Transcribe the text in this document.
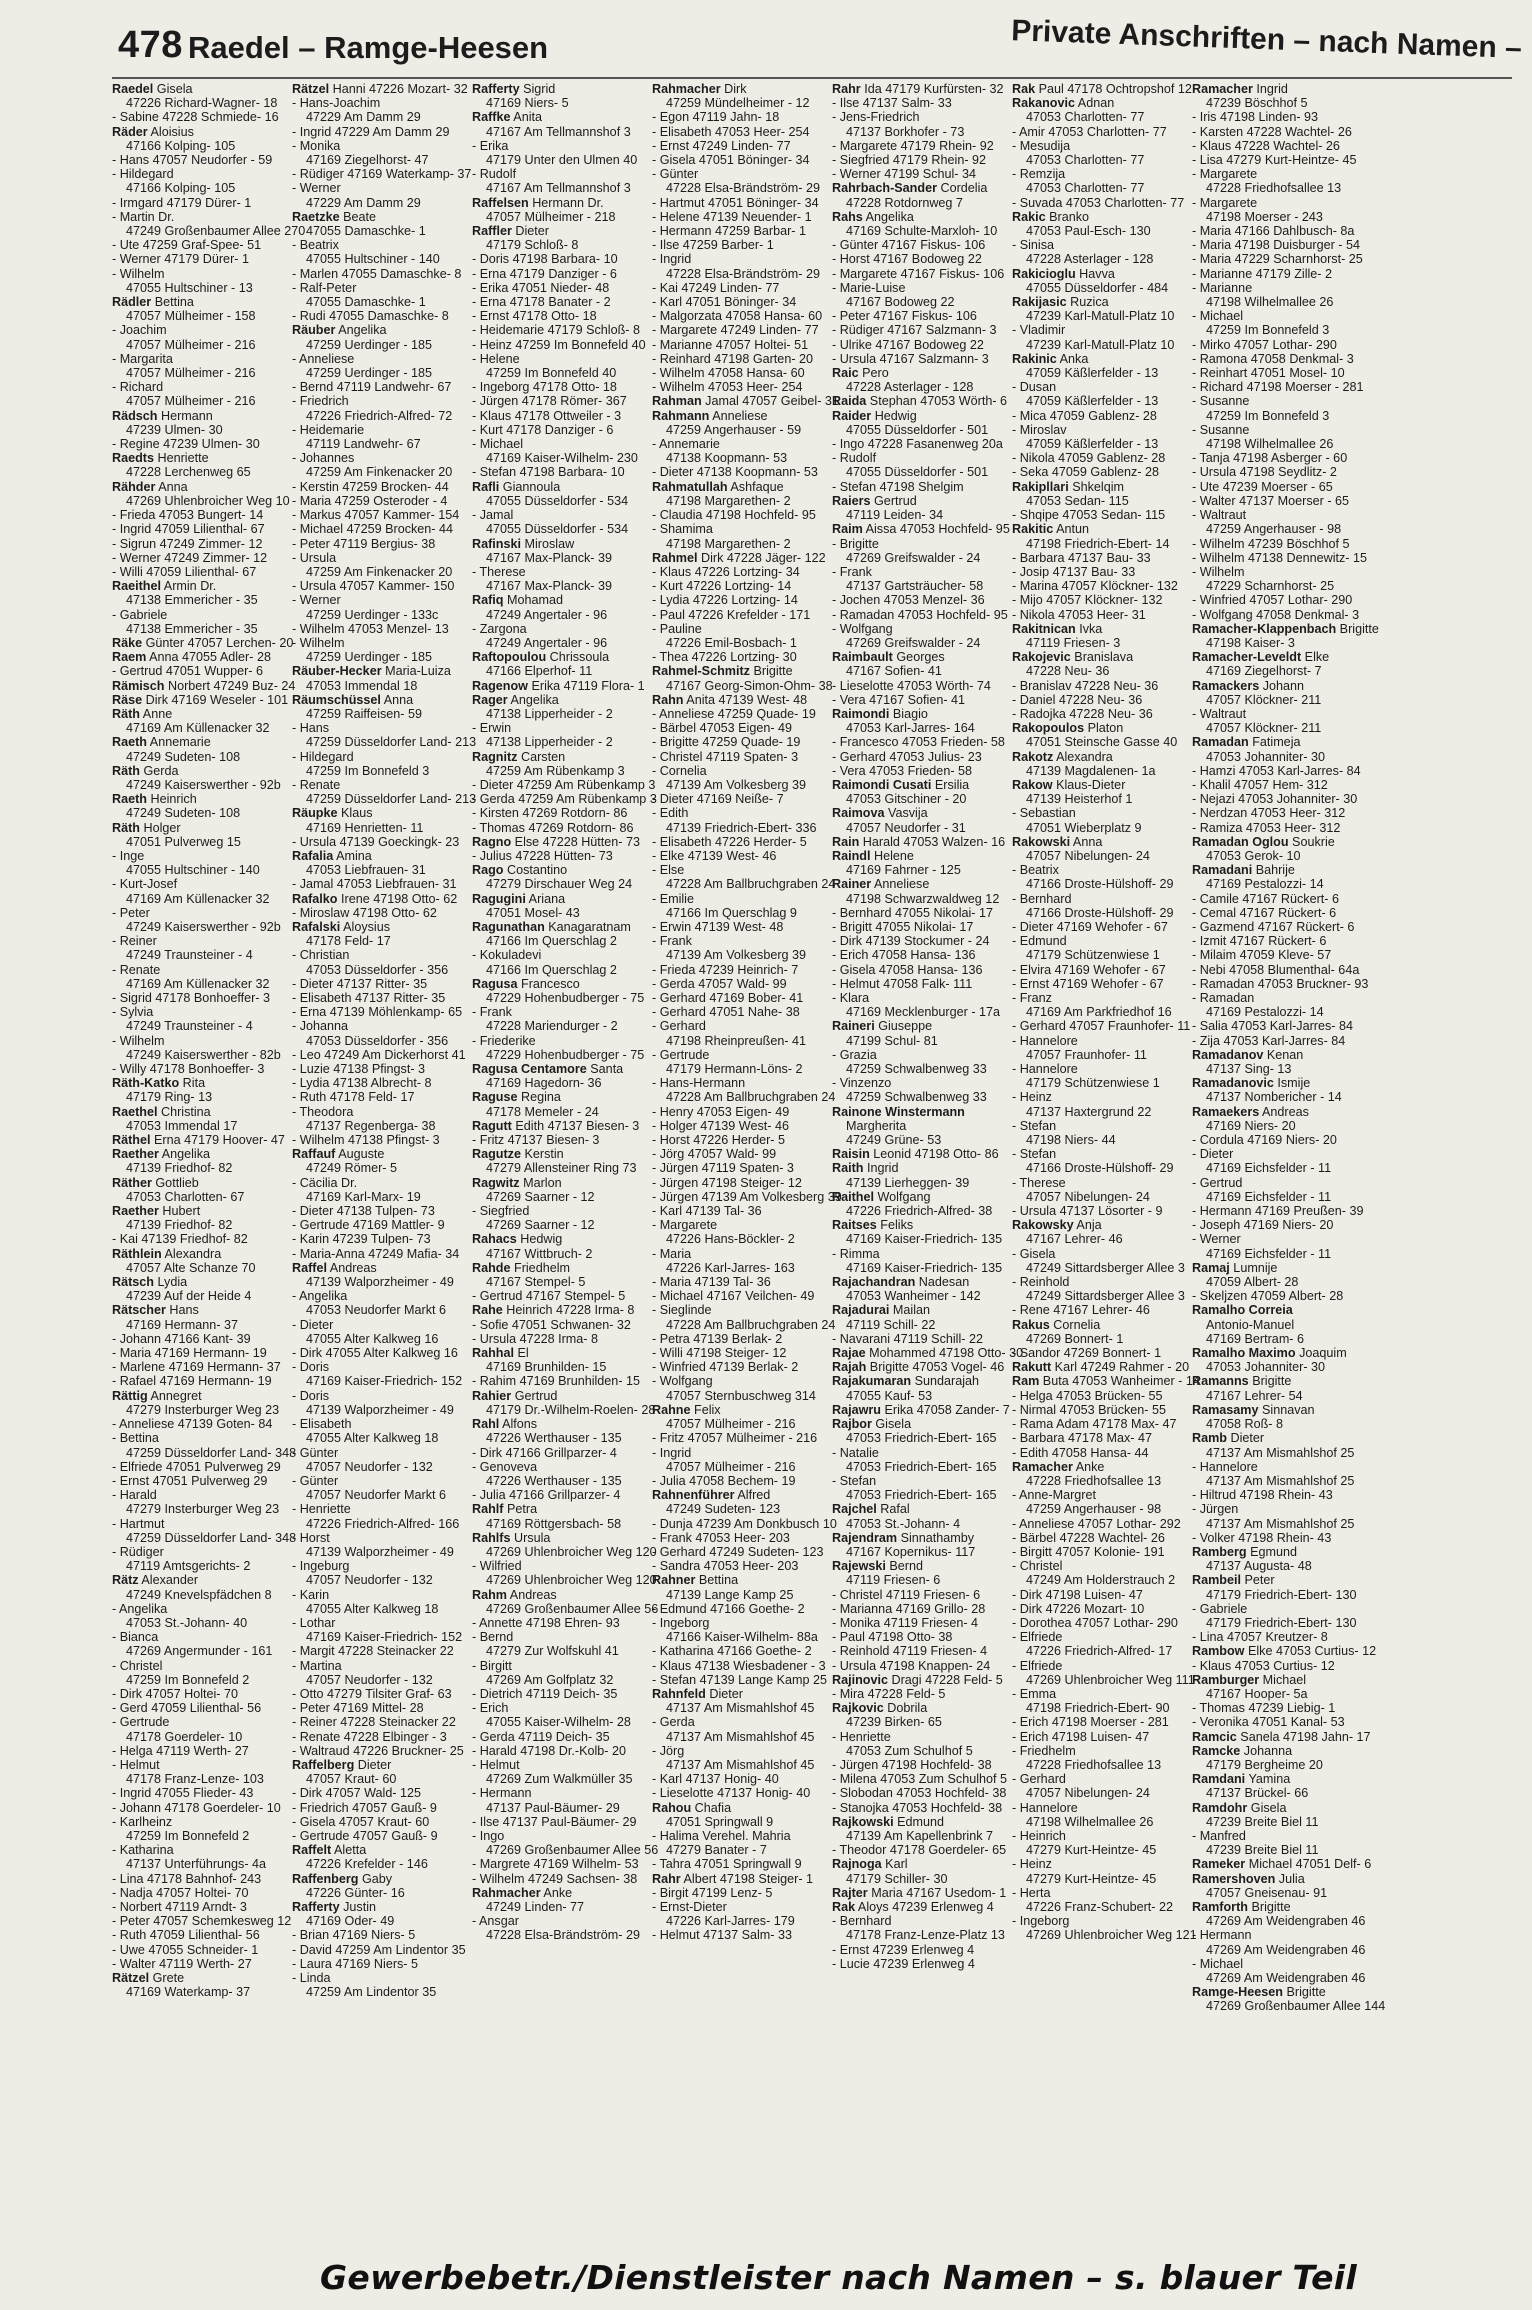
478 Raedel – Ramge-Heesen	Private Anschriften – nach Namen –
Raedel Gisela
47226 Richard-Wagner- 18
- Sabine 47228 Schmiede- 16
Räder Aloisius
47166 Kolping- 105
- Hans 47057 Neudorfer - 59
- Hildegard
47166 Kolping- 105
- Irmgard 47179 Dürer- 1
- Martin Dr.
47249 Großenbaumer Allee 270
- Ute 47259 Graf-Spee- 51
- Werner 47179 Dürer- 1
- Wilhelm
47055 Hultschiner - 13
Rädler Bettina
47057 Mülheimer - 158
- Joachim
47057 Mülheimer - 216
- Margarita
47057 Mülheimer - 216
- Richard
47057 Mülheimer - 216
Rädsch Hermann
47239 Ulmen- 30
- Regine 47239 Ulmen- 30
Raedts Henriette
47228 Lerchenweg 65
Rähder Anna
47269 Uhlenbroicher Weg 10
- Frieda 47053 Bungert- 14
- Ingrid 47059 Lilienthal- 67
- Sigrun 47249 Zimmer- 12
- Werner 47249 Zimmer- 12
- Willi 47059 Lilienthal- 67
Raeithel Armin Dr.
47138 Emmericher - 35
- Gabriele
47138 Emmericher - 35
Räke Günter 47057 Lerchen- 20
Raem Anna 47055 Adler- 28
- Gertrud 47051 Wupper- 6
Rämisch Norbert 47249 Buz- 24
Räse Dirk 47169 Weseler - 101
Räth Anne
47169 Am Küllenacker 32
Raeth Annemarie
47249 Sudeten- 108
Räth Gerda
47249 Kaiserswerther - 92b
Raeth Heinrich
47249 Sudeten- 108
Räth Holger
47051 Pulverweg 15
- Inge
47055 Hultschiner - 140
- Kurt-Josef
47169 Am Küllenacker 32
- Peter
47249 Kaiserswerther - 92b
- Reiner
47249 Traunsteiner - 4
- Renate
47169 Am Küllenacker 32
- Sigrid 47178 Bonhoeffer- 3
- Sylvia
47249 Traunsteiner - 4
- Wilhelm
47249 Kaiserswerther - 82b
- Willy 47178 Bonhoeffer- 3
Räth-Katko Rita
47179 Ring- 13
Raethel Christina
47053 Immendal 17
Räthel Erna 47179 Hoover- 47
Raether Angelika
47139 Friedhof- 82
Räther Gottlieb
47053 Charlotten- 67
Raether Hubert
47139 Friedhof- 82
- Kai 47139 Friedhof- 82
Räthlein Alexandra
47057 Alte Schanze 70
Rätsch Lydia
47239 Auf der Heide 4
Rätscher Hans
47169 Hermann- 37
- Johann 47166 Kant- 39
- Maria 47169 Hermann- 19
- Marlene 47169 Hermann- 37
- Rafael 47169 Hermann- 19
Rättig Annegret
47279 Insterburger Weg 23
- Anneliese 47139 Goten- 84
- Bettina
47259 Düsseldorfer Land- 348
- Elfriede 47051 Pulverweg 29
- Ernst 47051 Pulverweg 29
- Harald
47279 Insterburger Weg 23
- Hartmut
47259 Düsseldorfer Land- 348
- Rüdiger
47119 Amtsgerichts- 2
Rätz Alexander
47249 Knevelspfädchen 8
- Angelika
47053 St.-Johann- 40
- Bianca
47269 Angermunder - 161
- Christel
47259 Im Bonnefeld 2
- Dirk 47057 Holtei- 70
- Gerd 47059 Lilienthal- 56
- Gertrude
47178 Goerdeler- 10
- Helga 47119 Werth- 27
- Helmut
47178 Franz-Lenze- 103
- Ingrid 47055 Flieder- 43
- Johann 47178 Goerdeler- 10
- Karlheinz
47259 Im Bonnefeld 2
- Katharina
47137 Unterführungs- 4a
- Lina 47178 Bahnhof- 243
- Nadja 47057 Holtei- 70
- Norbert 47119 Arndt- 3
- Peter 47057 Schemkesweg 12
- Ruth 47059 Lilienthal- 56
- Uwe 47055 Schneider- 1
- Walter 47119 Werth- 27
Rätzel Grete
47169 Waterkamp- 37
Rätzel Hanni 47226 Mozart- 32
- Hans-Joachim
47229 Am Damm 29
- Ingrid 47229 Am Damm 29
- Monika
47169 Ziegelhorst- 47
- Rüdiger 47169 Waterkamp- 37
- Werner
47229 Am Damm 29
Raetzke Beate
47055 Damaschke- 1
- Beatrix
47055 Hultschiner - 140
- Marlen 47055 Damaschke- 8
- Ralf-Peter
47055 Damaschke- 1
- Rudi 47055 Damaschke- 8
Räuber Angelika
47259 Uerdinger - 185
- Anneliese
47259 Uerdinger - 185
- Bernd 47119 Landwehr- 67
- Friedrich
47226 Friedrich-Alfred- 72
- Heidemarie
47119 Landwehr- 67
- Johannes
47259 Am Finkenacker 20
- Kerstin 47259 Brocken- 44
- Maria 47259 Osteroder - 4
- Markus 47057 Kammer- 154
- Michael 47259 Brocken- 44
- Peter 47119 Bergius- 38
- Ursula
47259 Am Finkenacker 20
- Ursula 47057 Kammer- 150
- Werner
47259 Uerdinger - 133c
- Wilhelm 47053 Menzel- 13
- Wilhelm
47259 Uerdinger - 185
Räuber-Hecker Maria-Luiza
47053 Immendal 18
Räumschüssel Anna
47259 Raiffeisen- 59
- Hans
47259 Düsseldorfer Land- 213
- Hildegard
47259 Im Bonnefeld 3
- Renate
47259 Düsseldorfer Land- 213
Räupke Klaus
47169 Henrietten- 11
- Ursula 47139 Goeckingk- 23
Rafalia Amina
47053 Liebfrauen- 31
- Jamal 47053 Liebfrauen- 31
Rafalko Irene 47198 Otto- 62
- Miroslaw 47198 Otto- 62
Rafalski Aloysius
47178 Feld- 17
- Christian
47053 Düsseldorfer - 356
- Dieter 47137 Ritter- 35
- Elisabeth 47137 Ritter- 35
- Erna 47139 Möhlenkamp- 65
- Johanna
47053 Düsseldorfer - 356
- Leo 47249 Am Dickerhorst 41
- Luzie 47138 Pfingst- 3
- Lydia 47138 Albrecht- 8
- Ruth 47178 Feld- 17
- Theodora
47137 Regenberga- 38
- Wilhelm 47138 Pfingst- 3
Raffauf Auguste
47249 Römer- 5
- Cäcilia Dr.
47169 Karl-Marx- 19
- Dieter 47138 Tulpen- 73
- Gertrude 47169 Mattler- 9
- Karin 47239 Tulpen- 73
- Maria-Anna 47249 Mafia- 34
Raffel Andreas
47139 Walporzheimer - 49
- Angelika
47053 Neudorfer Markt 6
- Dieter
47055 Alter Kalkweg 16
- Dirk 47055 Alter Kalkweg 16
- Doris
47169 Kaiser-Friedrich- 152
- Doris
47139 Walporzheimer - 49
- Elisabeth
47055 Alter Kalkweg 18
- Günter
47057 Neudorfer - 132
- Günter
47057 Neudorfer Markt 6
- Henriette
47226 Friedrich-Alfred- 166
- Horst
47139 Walporzheimer - 49
- Ingeburg
47057 Neudorfer - 132
- Karin
47055 Alter Kalkweg 18
- Lothar
47169 Kaiser-Friedrich- 152
- Margit 47228 Steinacker 22
- Martina
47057 Neudorfer - 132
- Otto 47279 Tilsiter Graf- 63
- Peter 47169 Mittel- 28
- Reiner 47228 Steinacker 22
- Renate 47228 Elbinger - 3
- Waltraud 47226 Bruckner- 25
Raffelberg Dieter
47057 Kraut- 60
- Dirk 47057 Wald- 125
- Friedrich 47057 Gauß- 9
- Gisela 47057 Kraut- 60
- Gertrude 47057 Gauß- 9
Raffelt Aletta
47226 Krefelder - 146
Raffenberg Gaby
47226 Günter- 16
Rafferty Justin
47169 Oder- 49
- Brian 47169 Niers- 5
- David 47259 Am Lindentor 35
- Laura 47169 Niers- 5
- Linda
47259 Am Lindentor 35
Rafferty Sigrid
47169 Niers- 5
Raffke Anita
47167 Am Tellmannshof 3
- Erika
47179 Unter den Ulmen 40
- Rudolf
47167 Am Tellmannshof 3
Raffelsen Hermann Dr.
47057 Mülheimer - 218
Raffler Dieter
47179 Schloß- 8
- Doris 47198 Barbara- 10
- Erna 47179 Danziger - 6
- Erika 47051 Nieder- 48
- Erna 47178 Banater - 2
- Ernst 47178 Otto- 18
- Heidemarie 47179 Schloß- 8
- Heinz 47259 Im Bonnefeld 40
- Helene
47259 Im Bonnefeld 40
- Ingeborg 47178 Otto- 18
- Jürgen 47178 Römer- 367
- Klaus 47178 Ottweiler - 3
- Kurt 47178 Danziger - 6
- Michael
47169 Kaiser-Wilhelm- 230
- Stefan 47198 Barbara- 10
Rafli Giannoula
47055 Düsseldorfer - 534
- Jamal
47055 Düsseldorfer - 534
Rafinski Miroslaw
47167 Max-Planck- 39
- Therese
47167 Max-Planck- 39
Rafiq Mohamad
47249 Angertaler - 96
- Zargona
47249 Angertaler - 96
Raftopoulou Chrissoula
47166 Elperhof- 11
Ragenow Erika 47119 Flora- 1
Rager Angelika
47138 Lipperheider - 2
- Erwin
47138 Lipperheider - 2
Ragnitz Carsten
47259 Am Rübenkamp 3
- Dieter 47259 Am Rübenkamp 3
- Gerda 47259 Am Rübenkamp 3
- Kirsten 47269 Rotdorn- 86
- Thomas 47269 Rotdorn- 86
Ragno Else 47228 Hütten- 73
- Julius 47228 Hütten- 73
Rago Costantino
47279 Dirschauer Weg 24
Ragugini Ariana
47051 Mosel- 43
Ragunathan Kanagaratnam
47166 Im Querschlag 2
- Kokuladevi
47166 Im Querschlag 2
Ragusa Francesco
47229 Hohenbudberger - 75
- Frank
47228 Mariendurger - 2
- Friederike
47229 Hohenbudberger - 75
Ragusa Centamore Santa
47169 Hagedorn- 36
Raguse Regina
47178 Memeler - 24
Ragutt Edith 47137 Biesen- 3
- Fritz 47137 Biesen- 3
Ragutze Kerstin
47279 Allensteiner Ring 73
Ragwitz Marlon
47269 Saarner - 12
- Siegfried
47269 Saarner - 12
Rahacs Hedwig
47167 Wittbruch- 2
Rahde Friedhelm
47167 Stempel- 5
- Gertrud 47167 Stempel- 5
Rahe Heinrich 47228 Irma- 8
- Sofie 47051 Schwanen- 32
- Ursula 47228 Irma- 8
Rahhal El
47169 Brunhilden- 15
- Rahim 47169 Brunhilden- 15
Rahier Gertrud
47179 Dr.-Wilhelm-Roelen- 28
Rahl Alfons
47226 Werthauser - 135
- Dirk 47166 Grillparzer- 4
- Genoveva
47226 Werthauser - 135
- Julia 47166 Grillparzer- 4
Rahlf Petra
47169 Röttgersbach- 58
Rahlfs Ursula
47269 Uhlenbroicher Weg 120
- Wilfried
47269 Uhlenbroicher Weg 120
Rahm Andreas
47269 Großenbaumer Allee 56
- Annette 47198 Ehren- 93
- Bernd
47279 Zur Wolfskuhl 41
- Birgitt
47269 Am Golfplatz 32
- Dietrich 47119 Deich- 35
- Erich
47055 Kaiser-Wilhelm- 28
- Gerda 47119 Deich- 35
- Harald 47198 Dr.-Kolb- 20
- Helmut
47269 Zum Walkmüller 35
- Hermann
47137 Paul-Bäumer- 29
- Ilse 47137 Paul-Bäumer- 29
- Ingo
47269 Großenbaumer Allee 56
- Margrete 47169 Wilhelm- 53
- Wilhelm 47249 Sachsen- 38
Rahmacher Anke
47249 Linden- 77
- Ansgar
47228 Elsa-Brändström- 29
Rahmacher Dirk
47259 Mündelheimer - 12
- Egon 47119 Jahn- 18
- Elisabeth 47053 Heer- 254
- Ernst 47249 Linden- 77
- Gisela 47051 Böninger- 34
- Günter
47228 Elsa-Brändström- 29
- Hartmut 47051 Böninger- 34
- Helene 47139 Neuender- 1
- Hermann 47259 Barbar- 1
- Ilse 47259 Barber- 1
- Ingrid
47228 Elsa-Brändström- 29
- Kai 47249 Linden- 77
- Karl 47051 Böninger- 34
- Malgorzata 47058 Hansa- 60
- Margarete 47249 Linden- 77
- Marianne 47057 Holtei- 51
- Reinhard 47198 Garten- 20
- Wilhelm 47058 Hansa- 60
- Wilhelm 47053 Heer- 254
Rahman Jamal 47057 Geibel- 31
Rahmann Anneliese
47259 Angerhauser - 59
- Annemarie
47138 Koopmann- 53
- Dieter 47138 Koopmann- 53
Rahmatullah Ashfaque
47198 Margarethen- 2
- Claudia 47198 Hochfeld- 95
- Shamima
47198 Margarethen- 2
Rahmel Dirk 47228 Jäger- 122
- Klaus 47226 Lortzing- 34
- Kurt 47226 Lortzing- 14
- Lydia 47226 Lortzing- 14
- Paul 47226 Krefelder - 171
- Pauline
47226 Emil-Bosbach- 1
- Thea 47226 Lortzing- 30
Rahmel-Schmitz Brigitte
47167 Georg-Simon-Ohm- 38
Rahn Anita 47139 West- 48
- Anneliese 47259 Quade- 19
- Bärbel 47053 Eigen- 49
- Brigitte 47259 Quade- 19
- Christel 47119 Spaten- 3
- Cornelia
47139 Am Volkesberg 39
- Dieter 47169 Neiße- 7
- Edith
47139 Friedrich-Ebert- 336
- Elisabeth 47226 Herder- 5
- Elke 47139 West- 46
- Else
47228 Am Ballbruchgraben 24
- Emilie
47166 Im Querschlag 9
- Erwin 47139 West- 48
- Frank
47139 Am Volkesberg 39
- Frieda 47239 Heinrich- 7
- Gerda 47057 Wald- 99
- Gerhard 47169 Bober- 41
- Gerhard 47051 Nahe- 38
- Gerhard
47198 Rheinpreußen- 41
- Gertrude
47179 Hermann-Löns- 2
- Hans-Hermann
47228 Am Ballbruchgraben 24
- Henry 47053 Eigen- 49
- Holger 47139 West- 46
- Horst 47226 Herder- 5
- Jörg 47057 Wald- 99
- Jürgen 47119 Spaten- 3
- Jürgen 47198 Steiger- 12
- Jürgen 47139 Am Volkesberg 39
- Karl 47139 Tal- 36
- Margarete
47226 Hans-Böckler- 2
- Maria
47226 Karl-Jarres- 163
- Maria 47139 Tal- 36
- Michael 47167 Veilchen- 49
- Sieglinde
47228 Am Ballbruchgraben 24
- Petra 47139 Berlak- 2
- Willi 47198 Steiger- 12
- Winfried 47139 Berlak- 2
- Wolfgang
47057 Sternbuschweg 314
Rahne Felix
47057 Mülheimer - 216
- Fritz 47057 Mülheimer - 216
- Ingrid
47057 Mülheimer - 216
- Julia 47058 Bechem- 19
Rahnenführer Alfred
47249 Sudeten- 123
- Dunja 47239 Am Donkbusch 10
- Frank 47053 Heer- 203
- Gerhard 47249 Sudeten- 123
- Sandra 47053 Heer- 203
Rahner Bettina
47139 Lange Kamp 25
- Edmund 47166 Goethe- 2
- Ingeborg
47166 Kaiser-Wilhelm- 88a
- Katharina 47166 Goethe- 2
- Klaus 47138 Wiesbadener - 3
- Stefan 47139 Lange Kamp 25
Rahnfeld Dieter
47137 Am Mismahlshof 45
- Gerda
47137 Am Mismahlshof 45
- Jörg
47137 Am Mismahlshof 45
- Karl 47137 Honig- 40
- Lieselotte 47137 Honig- 40
Rahou Chafia
47051 Springwall 9
- Halima Verehel. Mahria
47279 Banater - 7
- Tahra 47051 Springwall 9
Rahr Albert 47198 Steiger- 1
- Birgit 47199 Lenz- 5
- Ernst-Dieter
47226 Karl-Jarres- 179
- Helmut 47137 Salm- 33
Rahr Ida 47179 Kurfürsten- 32
- Ilse 47137 Salm- 33
- Jens-Friedrich
47137 Borkhofer - 73
- Margarete 47179 Rhein- 92
- Siegfried 47179 Rhein- 92
- Werner 47199 Schul- 34
Rahrbach-Sander Cordelia
47228 Rotdornweg 7
Rahs Angelika
47169 Schulte-Marxloh- 10
- Günter 47167 Fiskus- 106
- Horst 47167 Bodoweg 22
- Margarete 47167 Fiskus- 106
- Marie-Luise
47167 Bodoweg 22
- Peter 47167 Fiskus- 106
- Rüdiger 47167 Salzmann- 3
- Ulrike 47167 Bodoweg 22
- Ursula 47167 Salzmann- 3
Raic Pero
47228 Asterlager - 128
Raida Stephan 47053 Wörth- 6
Raider Hedwig
47055 Düsseldorfer - 501
- Ingo 47228 Fasanenweg 20a
- Rudolf
47055 Düsseldorfer - 501
- Stefan 47198 Shelgim
Raiers Gertrud
47119 Leiden- 34
Raim Aissa 47053 Hochfeld- 95
- Brigitte
47269 Greifswalder - 24
- Frank
47137 Gartsträucher- 58
- Jochen 47053 Menzel- 36
- Ramadan 47053 Hochfeld- 95
- Wolfgang
47269 Greifswalder - 24
Raimbault Georges
47167 Sofien- 41
- Lieselotte 47053 Wörth- 74
- Vera 47167 Sofien- 41
Raimondi Biagio
47053 Karl-Jarres- 164
- Francesco 47053 Frieden- 58
- Gerhard 47053 Julius- 23
- Vera 47053 Frieden- 58
Raimondi Cusati Ersilia
47053 Gitschiner - 20
Raimova Vasvija
47057 Neudorfer - 31
Rain Harald 47053 Walzen- 16
Raindl Helene
47169 Fahrner - 125
Rainer Anneliese
47198 Schwarzwaldweg 12
- Bernhard 47055 Nikolai- 17
- Brigitt 47055 Nikolai- 17
- Dirk 47139 Stockumer - 24
- Erich 47058 Hansa- 136
- Gisela 47058 Hansa- 136
- Helmut 47058 Falk- 111
- Klara
47169 Mecklenburger - 17a
Raineri Giuseppe
47199 Schul- 81
- Grazia
47259 Schwalbenweg 33
- Vinzenzo
47259 Schwalbenweg 33
Rainone Winstermann
Margherita
47249 Grüne- 53
Raisin Leonid 47198 Otto- 86
Raith Ingrid
47139 Lierheggen- 39
Raithel Wolfgang
47226 Friedrich-Alfred- 38
Raitses Feliks
47169 Kaiser-Friedrich- 135
- Rimma
47169 Kaiser-Friedrich- 135
Rajachandran Nadesan
47053 Wanheimer - 142
Rajadurai Mailan
47119 Schill- 22
- Navarani 47119 Schill- 22
Rajae Mohammed 47198 Otto- 30
Rajah Brigitte 47053 Vogel- 46
Rajakumaran Sundarajah
47055 Kauf- 53
Rajawru Erika 47058 Zander- 7
Rajbor Gisela
47053 Friedrich-Ebert- 165
- Natalie
47053 Friedrich-Ebert- 165
- Stefan
47053 Friedrich-Ebert- 165
Rajchel Rafal
47053 St.-Johann- 4
Rajendram Sinnathamby
47167 Kopernikus- 117
Rajewski Bernd
47119 Friesen- 6
- Christel 47119 Friesen- 6
- Marianna 47169 Grillo- 28
- Monika 47119 Friesen- 4
- Paul 47198 Otto- 38
- Reinhold 47119 Friesen- 4
- Ursula 47198 Knappen- 24
Rajinovic Dragi 47228 Feld- 5
- Mira 47228 Feld- 5
Rajkovic Dobrila
47239 Birken- 65
- Henriette
47053 Zum Schulhof 5
- Jürgen 47198 Hochfeld- 38
- Milena 47053 Zum Schulhof 5
- Slobodan 47053 Hochfeld- 38
- Stanojka 47053 Hochfeld- 38
Rajkowski Edmund
47139 Am Kapellenbrink 7
- Theodor 47178 Goerdeler- 65
Rajnoga Karl
47179 Schiller- 30
Rajter Maria 47167 Usedom- 1
Rak Aloys 47239 Erlenweg 4
- Bernhard
47178 Franz-Lenze-Platz 13
- Ernst 47239 Erlenweg 4
- Lucie 47239 Erlenweg 4
Rak Paul 47178 Ochtropshof 12
Rakanovic Adnan
47053 Charlotten- 77
- Amir 47053 Charlotten- 77
- Mesudija
47053 Charlotten- 77
- Remzija
47053 Charlotten- 77
- Suvada 47053 Charlotten- 77
Rakic Branko
47053 Paul-Esch- 130
- Sinisa
47228 Asterlager - 128
Rakicioglu Havva
47055 Düsseldorfer - 484
Rakijasic Ruzica
47239 Karl-Matull-Platz 10
- Vladimir
47239 Karl-Matull-Platz 10
Rakinic Anka
47059 Käßlerfelder - 13
- Dusan
47059 Käßlerfelder - 13
- Mica 47059 Gablenz- 28
- Miroslav
47059 Käßlerfelder - 13
- Nikola 47059 Gablenz- 28
- Seka 47059 Gablenz- 28
Rakipllari Shkelqim
47053 Sedan- 115
- Shqipe 47053 Sedan- 115
Rakitic Antun
47198 Friedrich-Ebert- 14
- Barbara 47137 Bau- 33
- Josip 47137 Bau- 33
- Marina 47057 Klöckner- 132
- Mijo 47057 Klöckner- 132
- Nikola 47053 Heer- 31
Rakitnican Ivka
47119 Friesen- 3
Rakojevic Branislava
47228 Neu- 36
- Branislav 47228 Neu- 36
- Daniel 47228 Neu- 36
- Radojka 47228 Neu- 36
Rakopoulos Platon
47051 Steinsche Gasse 40
Rakotz Alexandra
47139 Magdalenen- 1a
Rakow Klaus-Dieter
47139 Heisterhof 1
- Sebastian
47051 Wieberplatz 9
Rakowski Anna
47057 Nibelungen- 24
- Beatrix
47166 Droste-Hülshoff- 29
- Bernhard
47166 Droste-Hülshoff- 29
- Dieter 47169 Wehofer - 67
- Edmund
47179 Schützenwiese 1
- Elvira 47169 Wehofer - 67
- Ernst 47169 Wehofer - 67
- Franz
47169 Am Parkfriedhof 16
- Gerhard 47057 Fraunhofer- 11
- Hannelore
47057 Fraunhofer- 11
- Hannelore
47179 Schützenwiese 1
- Heinz
47137 Haxtergrund 22
- Stefan
47198 Niers- 44
- Stefan
47166 Droste-Hülshoff- 29
- Therese
47057 Nibelungen- 24
- Ursula 47137 Lösorter - 9
Rakowsky Anja
47167 Lehrer- 46
- Gisela
47249 Sittardsberger Allee 3
- Reinhold
47249 Sittardsberger Allee 3
- Rene 47167 Lehrer- 46
Rakus Cornelia
47269 Bonnert- 1
- Sandor 47269 Bonnert- 1
Rakutt Karl 47249 Rahmer - 20
Ram Buta 47053 Wanheimer - 14
- Helga 47053 Brücken- 55
- Nirmal 47053 Brücken- 55
- Rama Adam 47178 Max- 47
- Barbara 47178 Max- 47
- Edith 47058 Hansa- 44
Ramacher Anke
47228 Friedhofsallee 13
- Anne-Margret
47259 Angerhauser - 98
- Anneliese 47057 Lothar- 292
- Bärbel 47228 Wachtel- 26
- Birgitt 47057 Kolonie- 191
- Christel
47249 Am Holderstrauch 2
- Dirk 47198 Luisen- 47
- Dirk 47226 Mozart- 10
- Dorothea 47057 Lothar- 290
- Elfriede
47226 Friedrich-Alfred- 17
- Elfriede
47269 Uhlenbroicher Weg 111
- Emma
47198 Friedrich-Ebert- 90
- Erich 47198 Moerser - 281
- Erich 47198 Luisen- 47
- Friedhelm
47228 Friedhofsallee 13
- Gerhard
47057 Nibelungen- 24
- Hannelore
47198 Wilhelmallee 26
- Heinrich
47279 Kurt-Heintze- 45
- Heinz
47279 Kurt-Heintze- 45
- Herta
47226 Franz-Schubert- 22
- Ingeborg
47269 Uhlenbroicher Weg 121
Ramacher Ingrid
47239 Böschhof 5
- Iris 47198 Linden- 93
- Karsten 47228 Wachtel- 26
- Klaus 47228 Wachtel- 26
- Lisa 47279 Kurt-Heintze- 45
- Margarete
47228 Friedhofsallee 13
- Margarete
47198 Moerser - 243
- Maria 47166 Dahlbusch- 8a
- Maria 47198 Duisburger - 54
- Maria 47229 Scharnhorst- 25
- Marianne 47179 Zille- 2
- Marianne
47198 Wilhelmallee 26
- Michael
47259 Im Bonnefeld 3
- Mirko 47057 Lothar- 290
- Ramona 47058 Denkmal- 3
- Reinhart 47051 Mosel- 10
- Richard 47198 Moerser - 281
- Susanne
47259 Im Bonnefeld 3
- Susanne
47198 Wilhelmallee 26
- Tanja 47198 Asberger - 60
- Ursula 47198 Seydlitz- 2
- Ute 47239 Moerser - 65
- Walter 47137 Moerser - 65
- Waltraut
47259 Angerhauser - 98
- Wilhelm 47239 Böschhof 5
- Wilhelm 47138 Dennewitz- 15
- Wilhelm
47229 Scharnhorst- 25
- Winfried 47057 Lothar- 290
- Wolfgang 47058 Denkmal- 3
Ramacher-Klappenbach Brigitte
47198 Kaiser- 3
Ramacher-Leveldt Elke
47169 Ziegelhorst- 7
Ramackers Johann
47057 Klöckner- 211
- Waltraut
47057 Klöckner- 211
Ramadan Fatimeja
47053 Johanniter- 30
- Hamzi 47053 Karl-Jarres- 84
- Khalil 47057 Hem- 312
- Nejazi 47053 Johanniter- 30
- Nerdzan 47053 Heer- 312
- Ramiza 47053 Heer- 312
Ramadan Oglou Soukrie
47053 Gerok- 10
Ramadani Bahrije
47169 Pestalozzi- 14
- Camile 47167 Rückert- 6
- Cemal 47167 Rückert- 6
- Gazmend 47167 Rückert- 6
- Izmit 47167 Rückert- 6
- Milaim 47059 Kleve- 57
- Nebi 47058 Blumenthal- 64a
- Ramadan 47053 Bruckner- 93
- Ramadan
47169 Pestalozzi- 14
- Salia 47053 Karl-Jarres- 84
- Zija 47053 Karl-Jarres- 84
Ramadanov Kenan
47137 Sing- 13
Ramadanovic Ismije
47137 Nombericher - 14
Ramaekers Andreas
47169 Niers- 20
- Cordula 47169 Niers- 20
- Dieter
47169 Eichsfelder - 11
- Gertrud
47169 Eichsfelder - 11
- Hermann 47169 Preußen- 39
- Joseph 47169 Niers- 20
- Werner
47169 Eichsfelder - 11
Ramaj Lumnije
47059 Albert- 28
- Skeljzen 47059 Albert- 28
Ramalho Correia
Antonio-Manuel
47169 Bertram- 6
Ramalho Maximo Joaquim
47053 Johanniter- 30
Ramanns Brigitte
47167 Lehrer- 54
Ramasamy Sinnavan
47058 Roß- 8
Ramb Dieter
47137 Am Mismahlshof 25
- Hannelore
47137 Am Mismahlshof 25
- Hiltrud 47198 Rhein- 43
- Jürgen
47137 Am Mismahlshof 25
- Volker 47198 Rhein- 43
Ramberg Egmund
47137 Augusta- 48
Rambeil Peter
47179 Friedrich-Ebert- 130
- Gabriele
47179 Friedrich-Ebert- 130
- Lina 47057 Kreutzer- 8
Rambow Elke 47053 Curtius- 12
- Klaus 47053 Curtius- 12
Ramburger Michael
47167 Hooper- 5a
- Thomas 47239 Liebig- 1
- Veronika 47051 Kanal- 53
Ramcic Sanela 47198 Jahn- 17
Ramcke Johanna
47179 Bergheime 20
Ramdani Yamina
47137 Brückel- 66
Ramdohr Gisela
47239 Breite Biel 11
- Manfred
47239 Breite Biel 11
Rameker Michael 47051 Delf- 6
Ramershoven Julia
47057 Gneisenau- 91
Ramforth Brigitte
47269 Am Weidengraben 46
- Hermann
47269 Am Weidengraben 46
- Michael
47269 Am Weidengraben 46
Ramge-Heesen Brigitte
47269 Großenbaumer Allee 144
Gewerbebetr./Dienstleister nach Namen – s. blauer Teil
